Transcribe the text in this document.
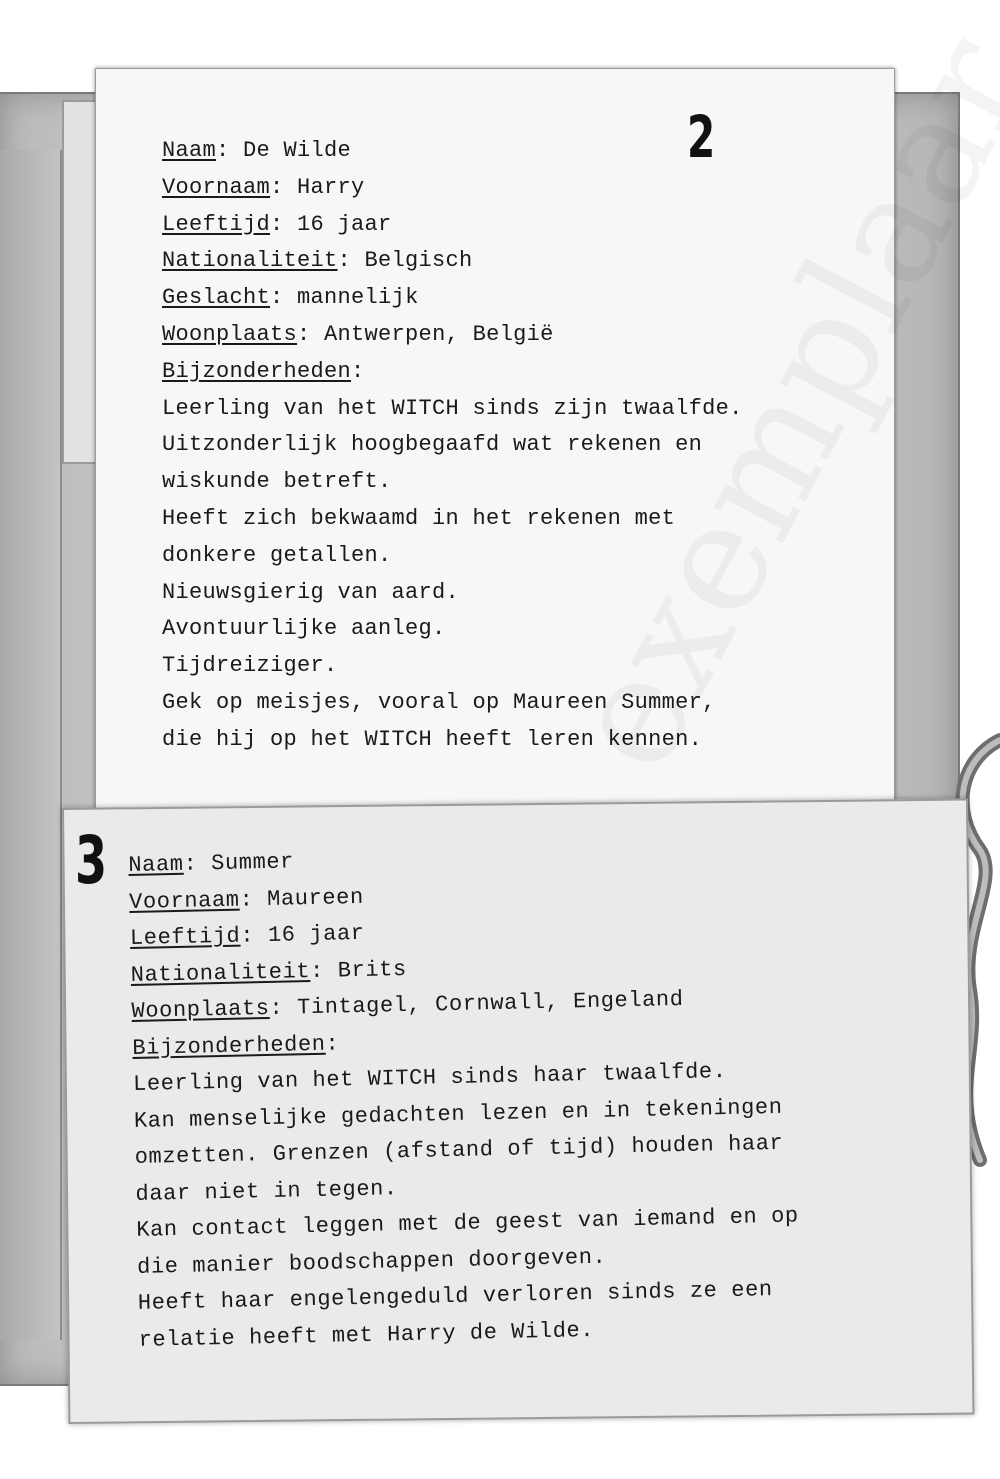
2
Naam: De Wilde
Voornaam: Harry
Leeftijd: 16 jaar
Nationaliteit: Belgisch
Geslacht: mannelijk
Woonplaats: Antwerpen, België
Bijzonderheden:
Leerling van het WITCH sinds zijn twaalfde.
Uitzonderlijk hoogbegaafd wat rekenen en
wiskunde betreft.
Heeft zich bekwaamd in het rekenen met
donkere getallen.
Nieuwsgierig van aard.
Avontuurlijke aanleg.
Tijdreiziger.
Gek op meisjes, vooral op Maureen Summer,
die hij op het WITCH heeft leren kennen.
3 Naam: Summer
Voornaam: Maureen
Leeftijd: 16 jaar
Nationaliteit: Brits
Woonplaats: Tintagel, Cornwall, Engeland
Bijzonderheden:
Leerling van het WITCH sinds haar twaalfde.
Kan menselijke gedachten lezen en in tekeningen
omzetten. Grenzen (afstand of tijd) houden haar
daar niet in tegen.
Kan contact leggen met de geest van iemand en op
die manier boodschappen doorgeven.
Heeft haar engelengeduld verloren sinds ze een
relatie heeft met Harry de Wilde.
